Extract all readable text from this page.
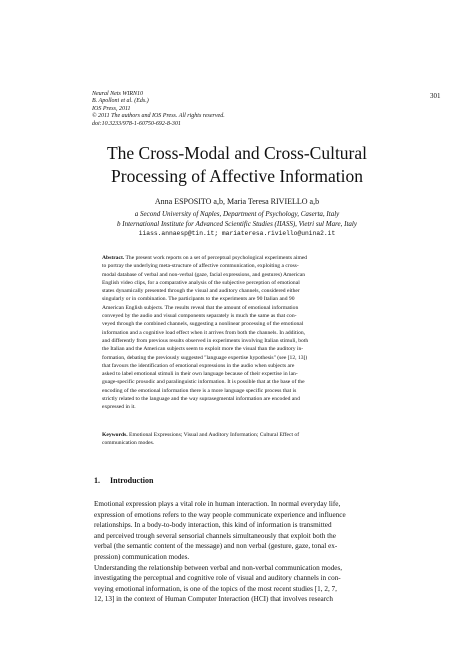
301
Neural Nets WIRN10
B. Apolloni et al. (Eds.)
IOS Press, 2011
© 2011 The authors and IOS Press. All rights reserved.
doi:10.3233/978-1-60750-692-8-301
The Cross-Modal and Cross-Cultural
Processing of Affective Information
Anna ESPOSITO a,b, Maria Teresa RIVIELLO a,b
a Second University of Naples, Department of Psychology, Caserta, Italy
b International Institute for Advanced Scientific Studies (IIASS), Vietri sul Mare, Italy
iiass.annaesp@tin.it; mariateresa.riviello@unina2.it
Abstract. The present work reports on a set of perceptual psychological experiments aimed
to portray the underlying meta-structure of affective communication, exploiting a cross-
modal database of verbal and non-verbal (gaze, facial expressions, and gestures) American
English video clips, for a comparative analysis of the subjective perception of emotional
states dynamically presented through the visual and auditory channels, considered either
singularly or in combination. The participants to the experiments are 90 Italian and 90
American English subjects. The results reveal that the amount of emotional information
conveyed by the audio and visual components separately is much the same as that con-
veyed through the combined channels, suggesting a nonlinear processing of the emotional
information and a cognitive load effect when it arrives from both the channels. In addition,
and differently from previous results observed in experiments involving Italian stimuli, both
the Italian and the American subjects seem to exploit more the visual than the auditory in-
formation, debating the previously suggested "language expertise hypothesis" (see [12, 13])
that favours the identification of emotional expressions in the audio when subjects are
asked to label emotional stimuli in their own language because of their expertise in lan-
guage-specific prosodic and paralinguistic information. It is possible that at the base of the
encoding of the emotional information there is a more language specific process that is
strictly related to the language and the way suprasegmental information are encoded and
expressed in it.
Keywords. Emotional Expressions; Visual and Auditory Information; Cultural Effect of
communication modes.
1. Introduction
Emotional expression plays a vital role in human interaction. In normal everyday life,
expression of emotions refers to the way people communicate experience and influence
relationships. In a body-to-body interaction, this kind of information is transmitted
and perceived trough several sensorial channels simultaneously that exploit both the
verbal (the semantic content of the message) and non verbal (gesture, gaze, tonal ex-
pression) communication modes.
Understanding the relationship between verbal and non-verbal communication modes,
investigating the perceptual and cognitive role of visual and auditory channels in con-
veying emotional information, is one of the topics of the most recent studies [1, 2, 7,
12, 13] in the context of Human Computer Interaction (HCI) that involves research
